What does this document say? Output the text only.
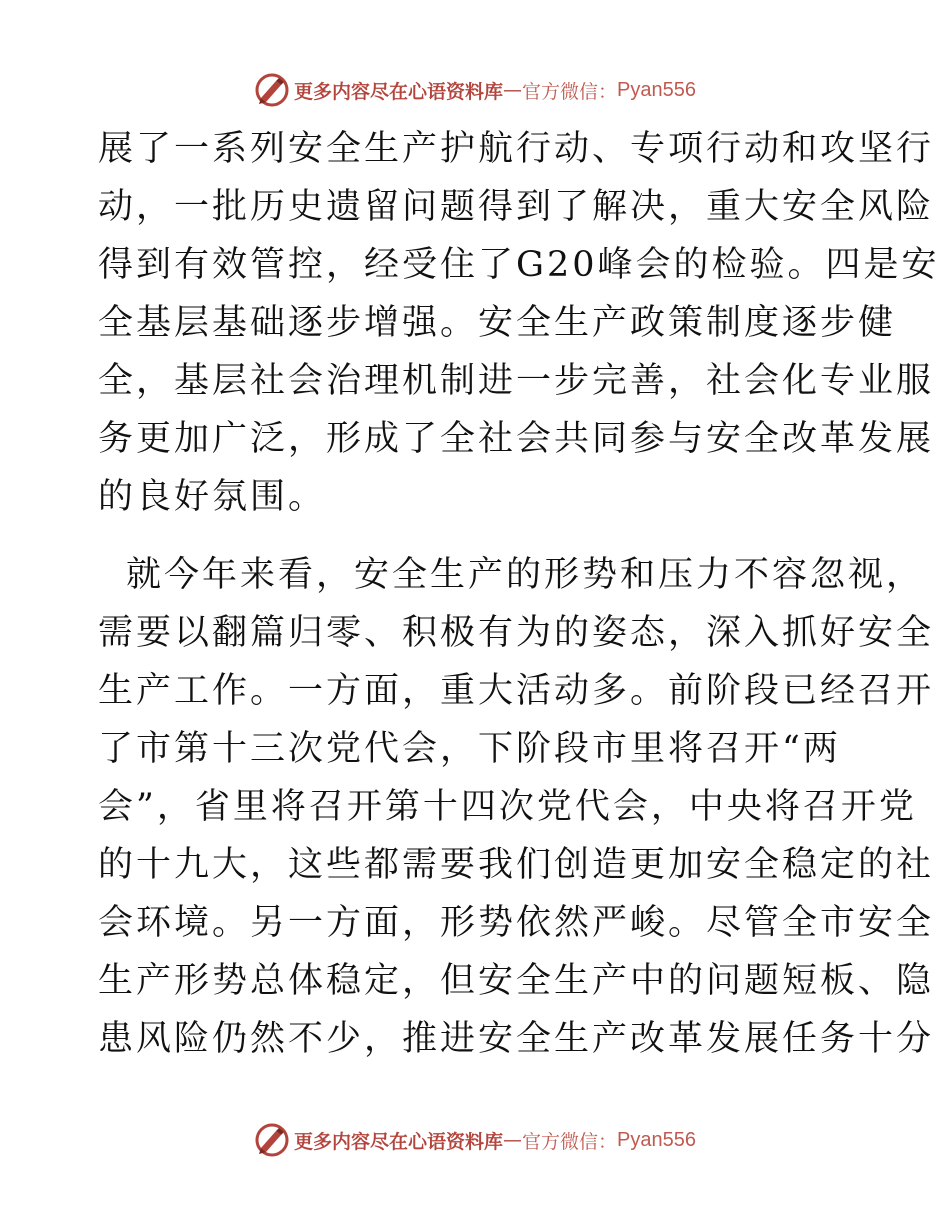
更多内容尽在心语资料库 — 官方微信： Pyan556
展了一系列安全生产护航行动、专项行动和攻坚行
动，一批历史遗留问题得到了解决，重大安全风险
得到有效管控，经受住了G20峰会的检验。四是安
全基层基础逐步增强。安全生产政策制度逐步健
全，基层社会治理机制进一步完善，社会化专业服
务更加广泛，形成了全社会共同参与安全改革发展
的良好氛围。
就今年来看，安全生产的形势和压力不容忽视，
需要以翻篇归零、积极有为的姿态，深入抓好安全
生产工作。一方面，重大活动多。前阶段已经召开
了市第十三次党代会，下阶段市里将召开“两
会”，省里将召开第十四次党代会，中央将召开党
的十九大，这些都需要我们创造更加安全稳定的社
会环境。另一方面，形势依然严峻。尽管全市安全
生产形势总体稳定，但安全生产中的问题短板、隐
患风险仍然不少，推进安全生产改革发展任务十分
更多内容尽在心语资料库 — 官方微信： Pyan556
